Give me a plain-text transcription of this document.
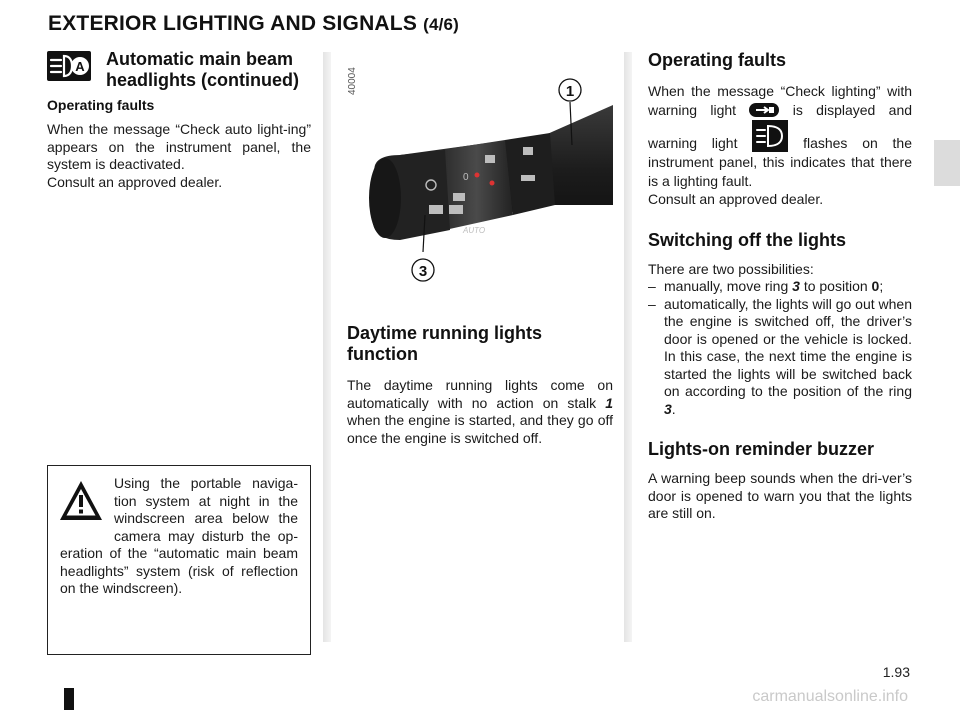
EXTERIOR LIGHTING AND SIGNALS (4/6)
A Automatic main beam headlights (continued)

Operating faults

When the message “Check auto light-ing” appears on the instrument panel, the system is deactivated.

Consult an approved dealer.

Using the portable naviga-tion system at night in the windscreen area below the camera may disturb the op-eration of the “automatic main beam headlights” system (risk of reflection on the windscreen).
40004
0
AUTO
1
3
Daytime running lights function

The daytime running lights come on automatically with no action on stalk 1 when the engine is started, and they go off once the engine is switched off.

Operating faults

When the message “Check lighting” with warning light	is displayed and warning light	flashes on the instrument panel, this indicates that there is a lighting fault.

Consult an approved dealer.

Switching off the lights

There are two possibilities:

– manually, move ring 3 to position 0;
– automatically, the lights will go out when the engine is switched off, the driver’s door is opened or the vehicle is locked. In this case, the next time the engine is started the lights will be switched back on according to the position of the ring 3.
Lights-on reminder buzzer

A warning beep sounds when the dri-ver’s door is opened to warn you that the lights are still on.

1.93
carmanualsonline.info
